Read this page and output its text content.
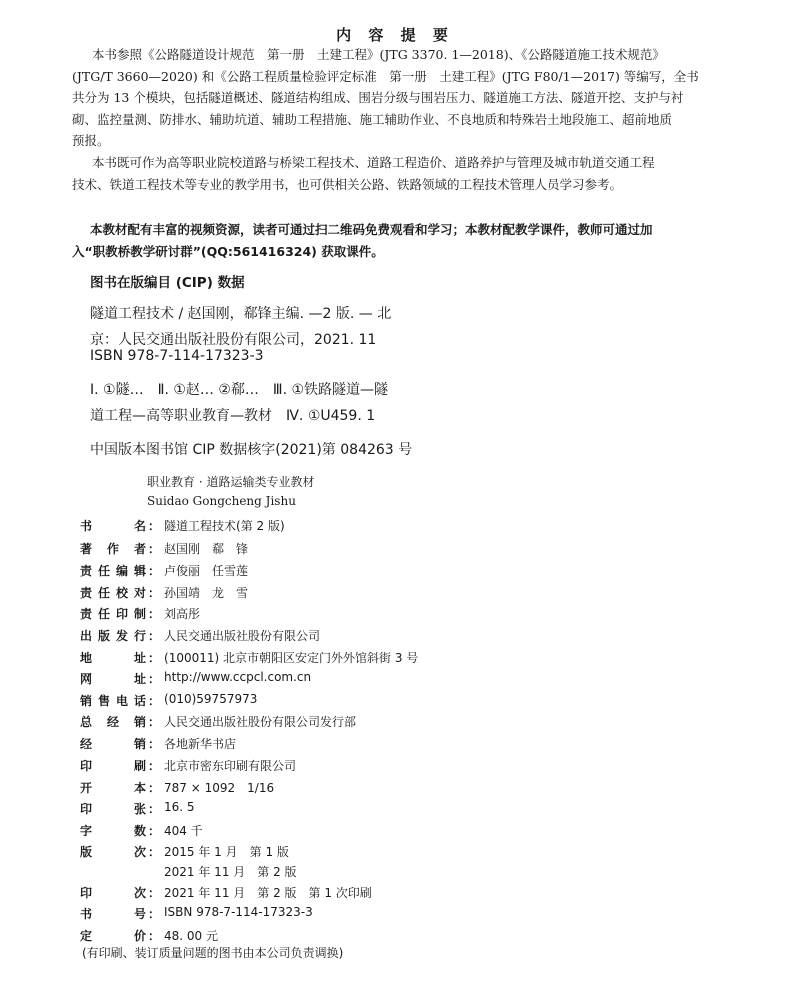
内 容 提 要
本书参照《公路隧道设计规范　第一册　土建工程》(JTG 3370. 1—2018)、《公路隧道施工技术规范》
(JTG/T 3660—2020) 和《公路工程质量检验评定标准　第一册　土建工程》(JTG F80/1—2017) 等编写，全书
共分为 13 个模块，包括隧道概述、隧道结构组成、围岩分级与围岩压力、隧道施工方法、隧道开挖、支护与衬
砌、监控量测、防排水、辅助坑道、辅助工程措施、施工辅助作业、不良地质和特殊岩土地段施工、超前地质
预报。
本书既可作为高等职业院校道路与桥梁工程技术、道路工程造价、道路养护与管理及城市轨道交通工程
技术、铁道工程技术等专业的教学用书，也可供相关公路、铁路领域的工程技术管理人员学习参考。
本教材配有丰富的视频资源，读者可通过扫二维码免费观看和学习；本教材配教学课件，教师可通过加
入“职教桥教学研讨群”(QQ:561416324) 获取课件。
图书在版编目 (CIP) 数据
隧道工程技术 / 赵国刚，郗锋主编. —2 版. — 北
京：人民交通出版社股份有限公司，2021. 11
ISBN 978-7-114-17323-3
Ⅰ. ①隧…　Ⅱ. ①赵… ②郗…　Ⅲ. ①铁路隧道—隧
道工程—高等职业教育—教材　Ⅳ. ①U459. 1
中国版本图书馆 CIP 数据核字(2021)第 084263 号
职业教育 · 道路运输类专业教材
Suidao Gongcheng Jishu
书　　名 ： 隧道工程技术(第 2 版)
著 作 者 ： 赵国刚　郗　锋
责任编辑 ： 卢俊丽　任雪莲
责任校对 ： 孙国靖　龙　雪
责任印制 ： 刘高彤
出版发行 ： 人民交通出版社股份有限公司
地　　址 ： (100011) 北京市朝阳区安定门外外馆斜街 3 号
网　　址 ： http://www.ccpcl.com.cn
销售电话 ： (010)59757973
总 经 销 ： 人民交通出版社股份有限公司发行部
经　　销 ： 各地新华书店
印　　刷 ： 北京市密东印刷有限公司
开　　本 ： 787 × 1092　1/16
印　　张 ： 16. 5
字　　数 ： 404 千
版　　次 ： 2015 年 1 月　第 1 版

2021 年 11 月　第 2 版
印　　次 ： 2021 年 11 月　第 2 版　第 1 次印刷
书　　号 ： ISBN 978-7-114-17323-3
定　　价 ： 48. 00 元
(有印刷、装订质量问题的图书由本公司负责调换)
